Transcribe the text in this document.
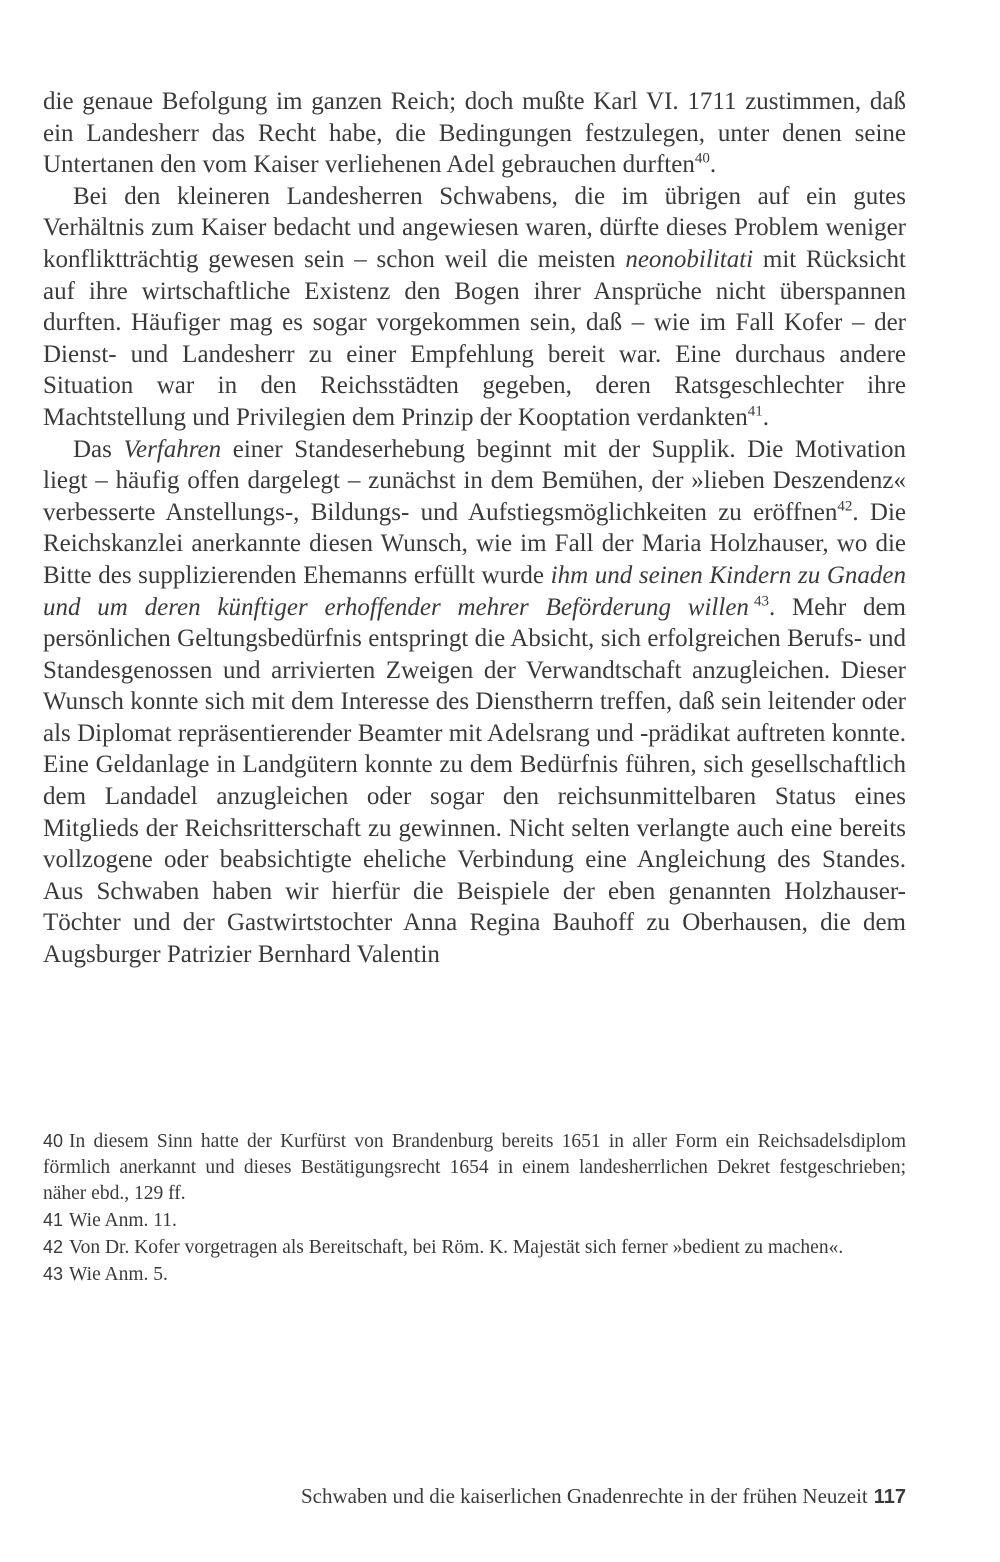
die genaue Befolgung im ganzen Reich; doch mußte Karl VI. 1711 zustimmen, daß ein Landesherr das Recht habe, die Bedingungen festzulegen, unter denen seine Untertanen den vom Kaiser verliehenen Adel gebrauchen durften$^{40}$.

Bei den kleineren Landesherren Schwabens, die im übrigen auf ein gutes Verhältnis zum Kaiser bedacht und angewiesen waren, dürfte dieses Problem weniger konfliktträchtig gewesen sein – schon weil die meisten neonobilitati mit Rücksicht auf ihre wirtschaftliche Existenz den Bogen ihrer Ansprüche nicht überspannen durften. Häufiger mag es sogar vorgekommen sein, daß – wie im Fall Kofer – der Dienst- und Landesherr zu einer Empfehlung bereit war. Eine durchaus andere Situation war in den Reichsstädten gegeben, deren Ratsgeschlechter ihre Machtstellung und Privilegien dem Prinzip der Kooptation verdankten$^{41}$.

Das Verfahren einer Standeserhebung beginnt mit der Supplik. Die Motivation liegt – häufig offen dargelegt – zunächst in dem Bemühen, der »lieben Deszendenz« verbesserte Anstellungs-, Bildungs- und Aufstiegsmöglichkeiten zu eröffnen$^{42}$. Die Reichskanzlei anerkannte diesen Wunsch, wie im Fall der Maria Holzhauser, wo die Bitte des supplizierenden Ehemanns erfüllt wurde ihm und seinen Kindern zu Gnaden und um deren künftiger erhoffender mehrer Beförderung willen  $^{43}$. Mehr dem persönlichen Geltungsbedürfnis entspringt die Absicht, sich erfolgreichen Berufs- und Standesgenossen und arrivierten Zweigen der Verwandtschaft anzugleichen. Dieser Wunsch konnte sich mit dem Interesse des Dienstherrn treffen, daß sein leitender oder als Diplomat repräsentierender Beamter mit Adelsrang und -prädikat auftreten konnte. Eine Geldanlage in Landgütern konnte zu dem Bedürfnis führen, sich gesellschaftlich dem Landadel anzugleichen oder sogar den reichsunmittelbaren Status eines Mitglieds der Reichsritterschaft zu gewinnen. Nicht selten verlangte auch eine bereits vollzogene oder beabsichtigte eheliche Verbindung eine Angleichung des Standes. Aus Schwaben haben wir hierfür die Beispiele der eben genannten Holzhauser-Töchter und der Gastwirtstochter Anna Regina Bauhoff zu Oberhausen, die dem Augsburger Patrizier Bernhard Valentin

40 In diesem Sinn hatte der Kurfürst von Brandenburg bereits 1651 in aller Form ein Reichsadelsdiplom förmlich anerkannt und dieses Bestätigungsrecht 1654 in einem landesherrlichen Dekret festgeschrieben; näher ebd., 129 ff.

41 Wie Anm. 11.

42 Von Dr. Kofer vorgetragen als Bereitschaft, bei Röm. K. Majestät sich ferner »bedient zu machen«.

43 Wie Anm. 5.

Schwaben und die kaiserlichen Gnadenrechte in der frühen Neuzeit 117
